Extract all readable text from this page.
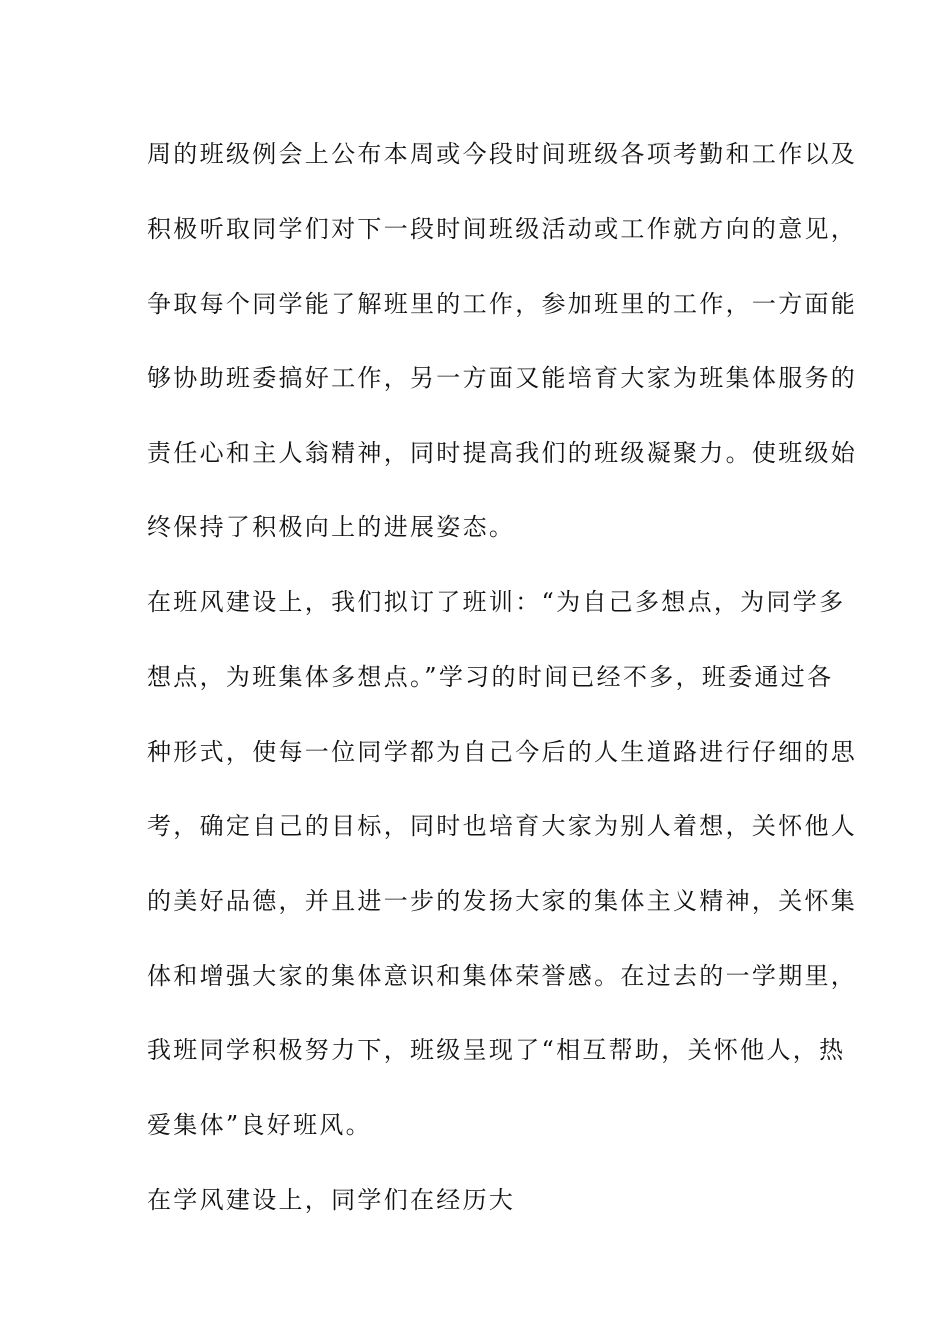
周的班级例会上公布本周或今段时间班级各项考勤和工作以及

积极听取同学们对下一段时间班级活动或工作就方向的意见，

争取每个同学能了解班里的工作，参加班里的工作，一方面能

够协助班委搞好工作，另一方面又能培育大家为班集体服务的

责任心和主人翁精神，同时提高我们的班级凝聚力。使班级始

终保持了积极向上的进展姿态。

在班风建设上，我们拟订了班训：“为自己多想点，为同学多

想点，为班集体多想点。”学习的时间已经不多，班委通过各

种形式，使每一位同学都为自己今后的人生道路进行仔细的思

考，确定自己的目标，同时也培育大家为别人着想，关怀他人

的美好品德，并且进一步的发扬大家的集体主义精神，关怀集

体和增强大家的集体意识和集体荣誉感。在过去的一学期里，

我班同学积极努力下，班级呈现了“相互帮助，关怀他人，热

爱集体”良好班风。

在学风建设上，同学们在经历大
